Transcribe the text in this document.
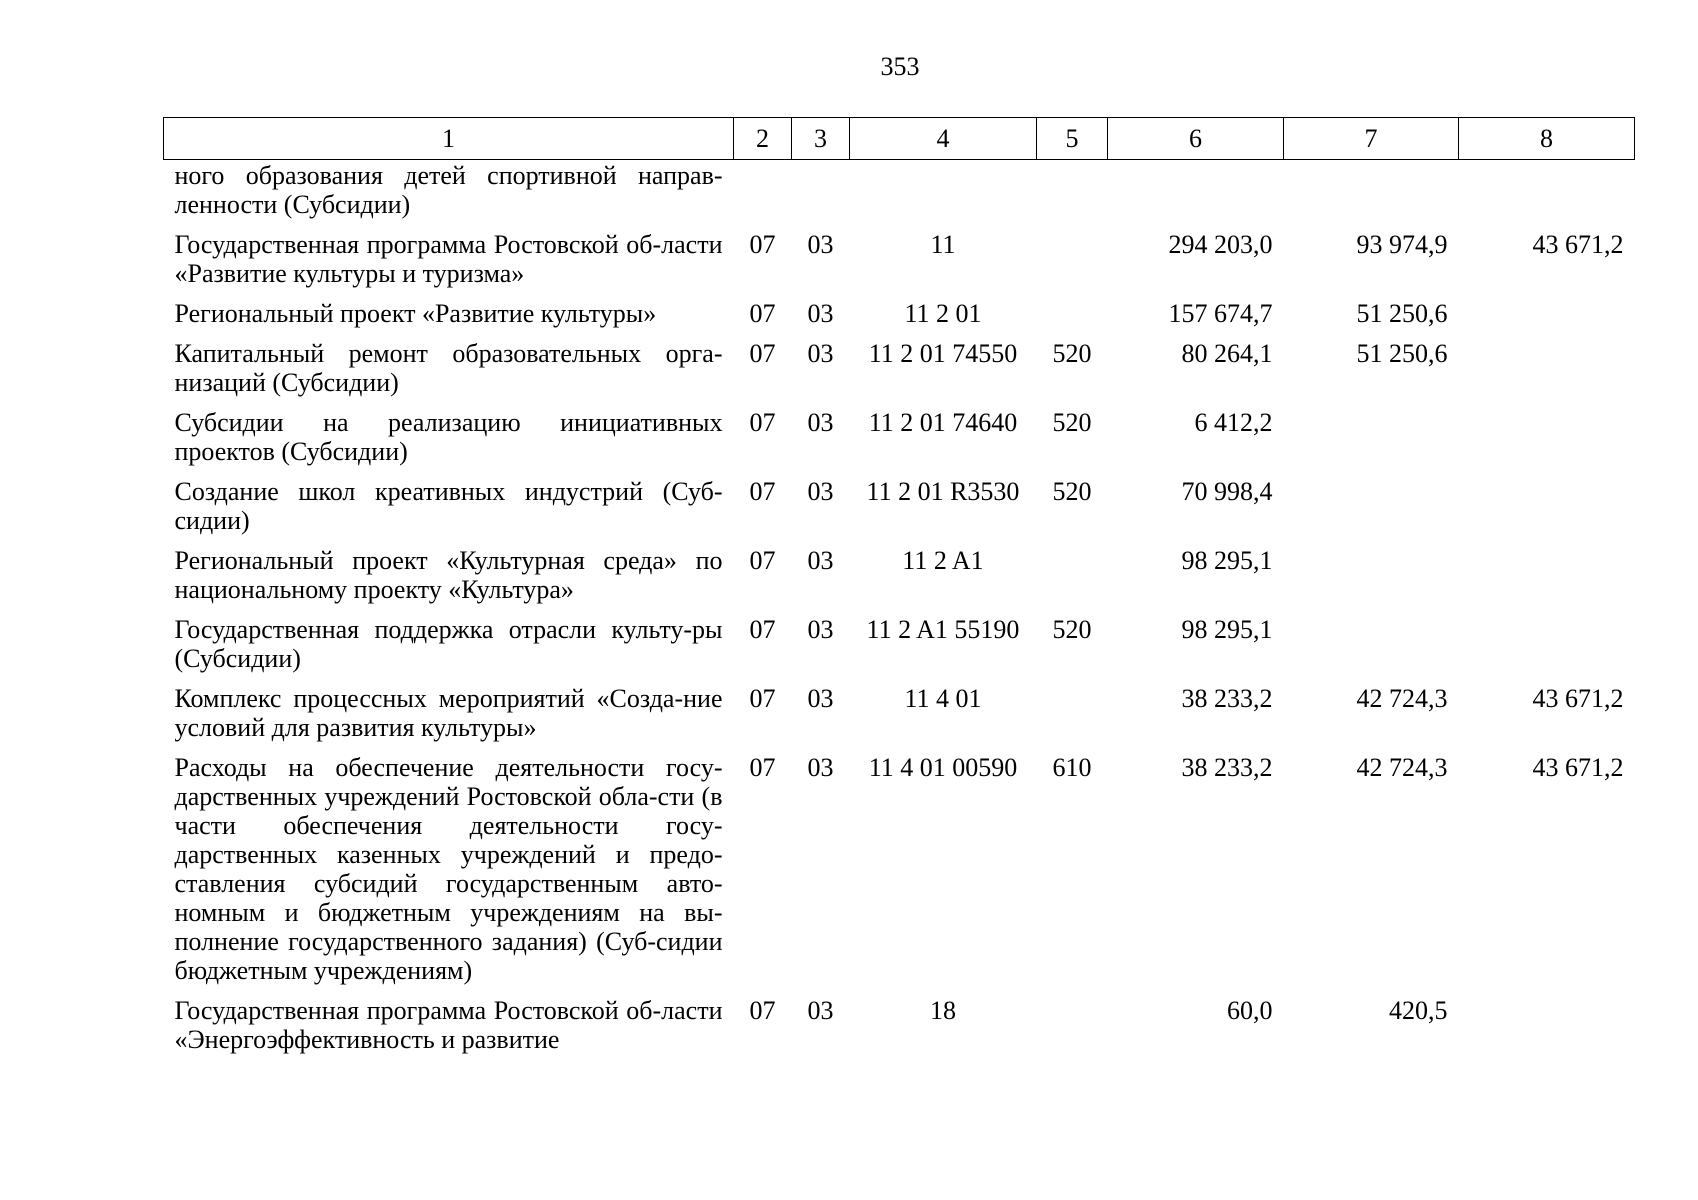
353
1	2	3	4	5	6	7	8
ного образования детей спортивной направ-ленности (Субсидии)							
Государственная программа Ростовской об-ласти «Развитие культуры и туризма»	07	03	11		294 203,0	93 974,9	43 671,2
Региональный проект «Развитие культуры»	07	03	11 2 01		157 674,7	51 250,6	
Капитальный ремонт образовательных орга-низаций (Субсидии)	07	03	11 2 01 74550	520	80 264,1	51 250,6	
Субсидии на реализацию инициативных проектов (Субсидии)	07	03	11 2 01 74640	520	6 412,2		
Создание школ креативных индустрий (Суб-сидии)	07	03	11 2 01 R3530	520	70 998,4		
Региональный проект «Культурная среда» по национальному проекту «Культура»	07	03	11 2 A1		98 295,1		
Государственная поддержка отрасли культу-ры (Субсидии)	07	03	11 2 A1 55190	520	98 295,1		
Комплекс процессных мероприятий «Созда-ние условий для развития культуры»	07	03	11 4 01		38 233,2	42 724,3	43 671,2
Расходы на обеспечение деятельности госу-дарственных учреждений Ростовской обла-сти (в части обеспечения деятельности госу-дарственных казенных учреждений и предо-ставления субсидий государственным авто-номным и бюджетным учреждениям на вы-полнение государственного задания) (Суб-сидии бюджетным учреждениям)	07	03	11 4 01 00590	610	38 233,2	42 724,3	43 671,2
Государственная программа Ростовской об-ласти «Энергоэффективность и развитие	07	03	18		60,0	420,5	
